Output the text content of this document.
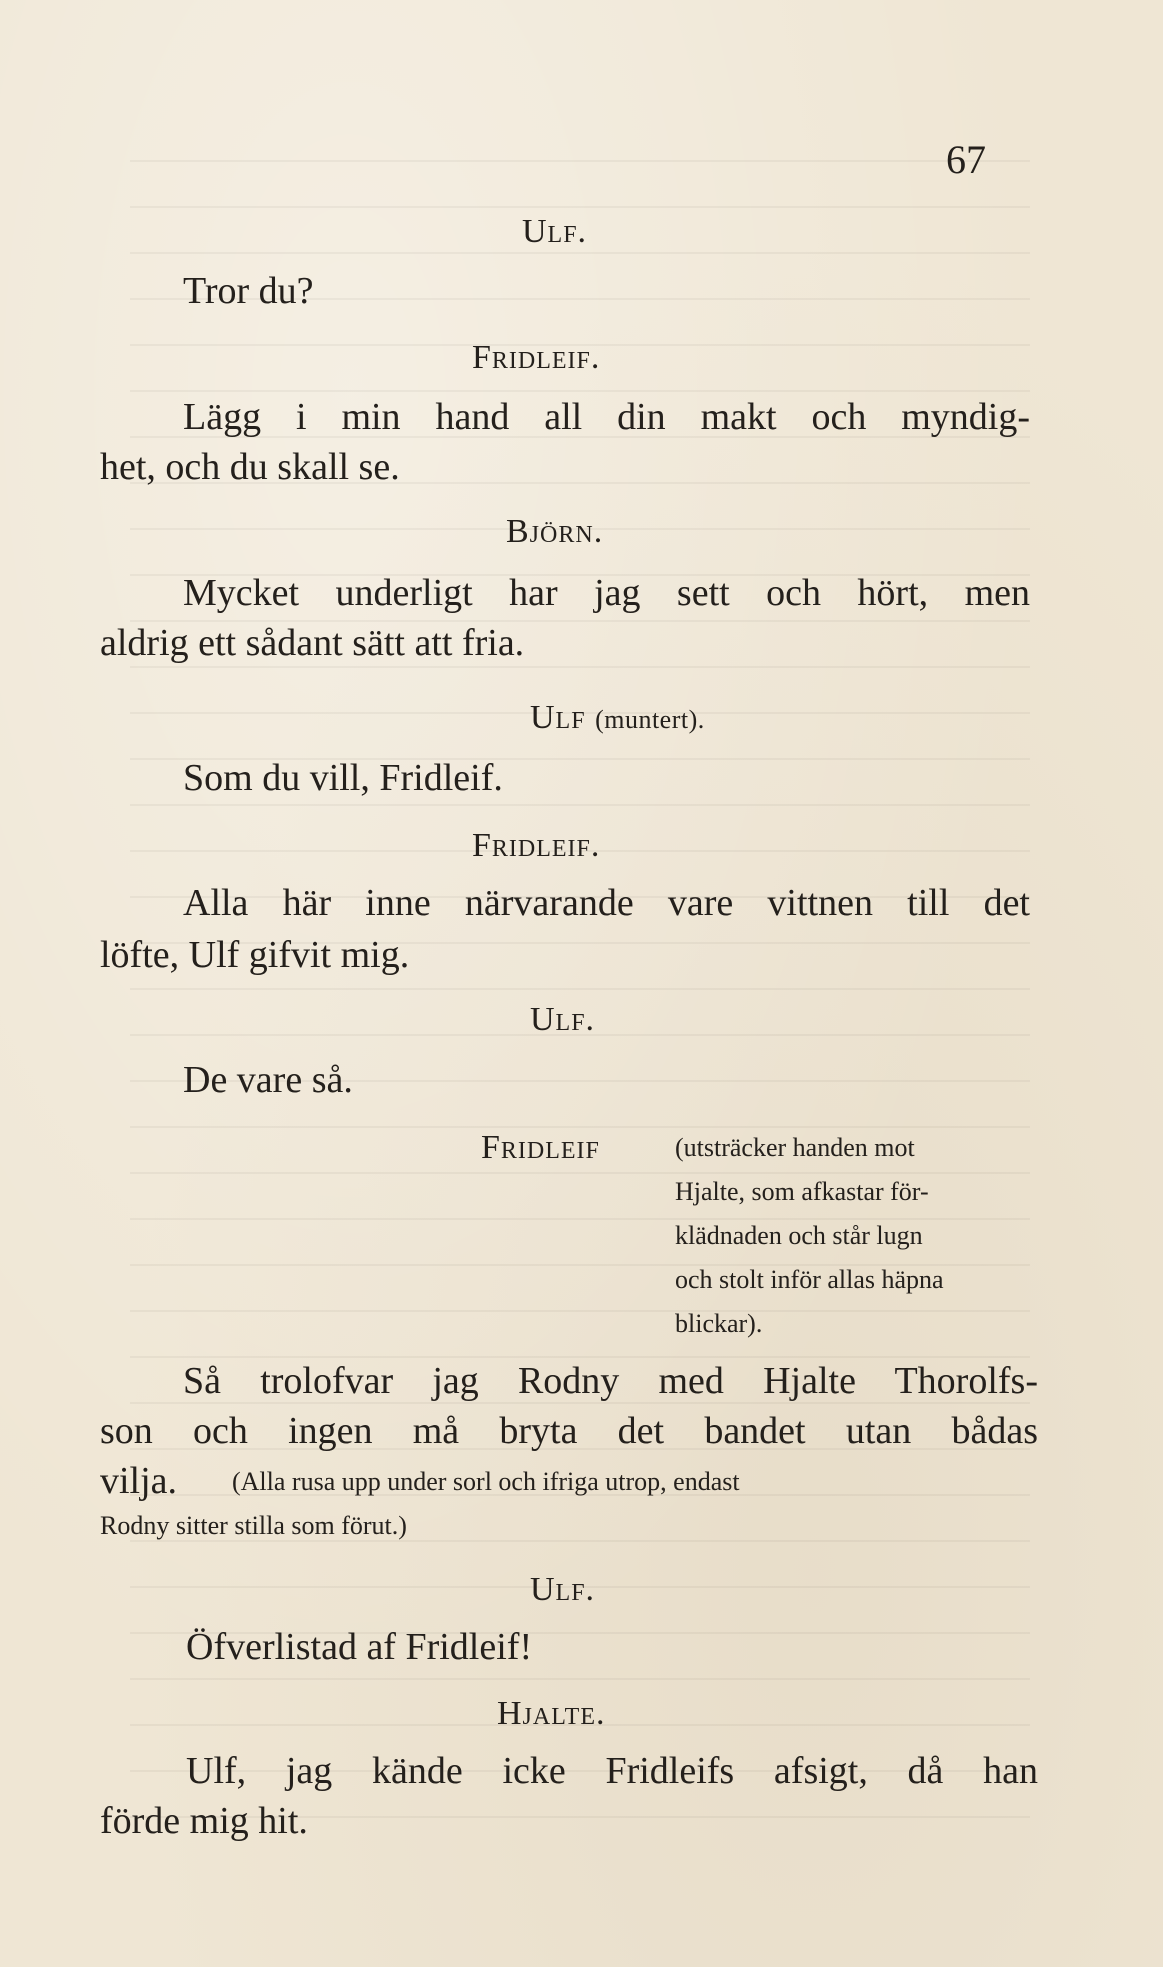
67
Ulf.
Tror du?
Fridleif.
Lägg i min hand all din makt och myndig-
het, och du skall se.
Björn.
Mycket underligt har jag sett och hört, men
aldrig ett sådant sätt att fria.
Ulf (muntert).
Som du vill, Fridleif.
Fridleif.
Alla här inne närvarande vare vittnen till det
löfte, Ulf gifvit mig.
Ulf.
De vare så.
Fridleif	(utsträcker handen mot
Hjalte, som afkastar för-
klädnaden och står lugn
och stolt inför allas häpna
blickar).
Så trolofvar jag Rodny med Hjalte Thorolfs-
son och ingen må bryta det bandet utan bådas
vilja. (Alla rusa upp under sorl och ifriga utrop, endast
Rodny sitter stilla som förut.)
Ulf.
Öfverlistad af Fridleif!
Hjalte.
Ulf, jag kände icke Fridleifs afsigt, då han
förde mig hit.
